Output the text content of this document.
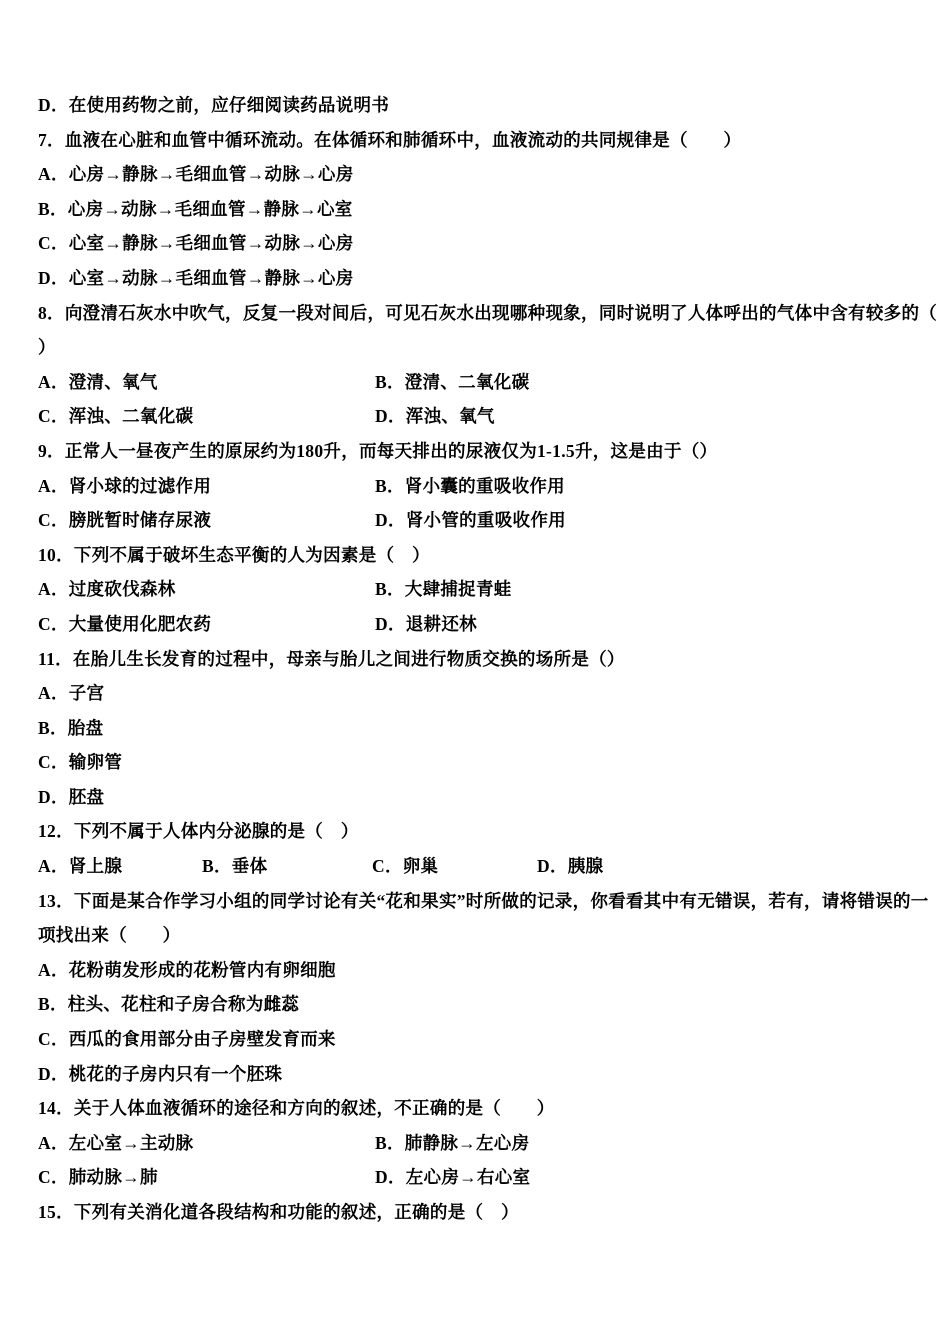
D．在使用药物之前，应仔细阅读药品说明书
7．血液在心脏和血管中循环流动。在体循环和肺循环中，血液流动的共同规律是（　　）
A．心房→静脉→毛细血管→动脉→心房
B．心房→动脉→毛细血管→静脉→心室
C．心室→静脉→毛细血管→动脉→心房
D．心室→动脉→毛细血管→静脉→心房
8．向澄清石灰水中吹气，反复一段对间后，可见石灰水出现哪种现象，同时说明了人体呼出的气体中含有较多的（
）
A．澄清、氧气	B．澄清、二氧化碳
C．浑浊、二氧化碳	D．浑浊、氧气
9．正常人一昼夜产生的原尿约为180升，而每天排出的尿液仅为1‐1.5升，这是由于（）
A．肾小球的过滤作用	B．肾小囊的重吸收作用
C．膀胱暂时储存尿液	D．肾小管的重吸收作用
10．下列不属于破坏生态平衡的人为因素是（　）
A．过度砍伐森林	B．大肆捕捉青蛙
C．大量使用化肥农药	D．退耕还林
11．在胎儿生长发育的过程中，母亲与胎儿之间进行物质交换的场所是（）
A．子宫
B．胎盘
C．输卵管
D．胚盘
12．下列不属于人体内分泌腺的是（　）
A．肾上腺	B．垂体	C．卵巢	D．胰腺
13．下面是某合作学习小组的同学讨论有关“花和果实”时所做的记录，你看看其中有无错误，若有，请将错误的一
项找出来（　　）
A．花粉萌发形成的花粉管内有卵细胞
B．柱头、花柱和子房合称为雌蕊
C．西瓜的食用部分由子房壁发育而来
D．桃花的子房内只有一个胚珠
14．关于人体血液循环的途径和方向的叙述，不正确的是（　　）
A．左心室→主动脉	B．肺静脉→左心房
C．肺动脉→肺	D．左心房→右心室
15．下列有关消化道各段结构和功能的叙述，正确的是（　）
